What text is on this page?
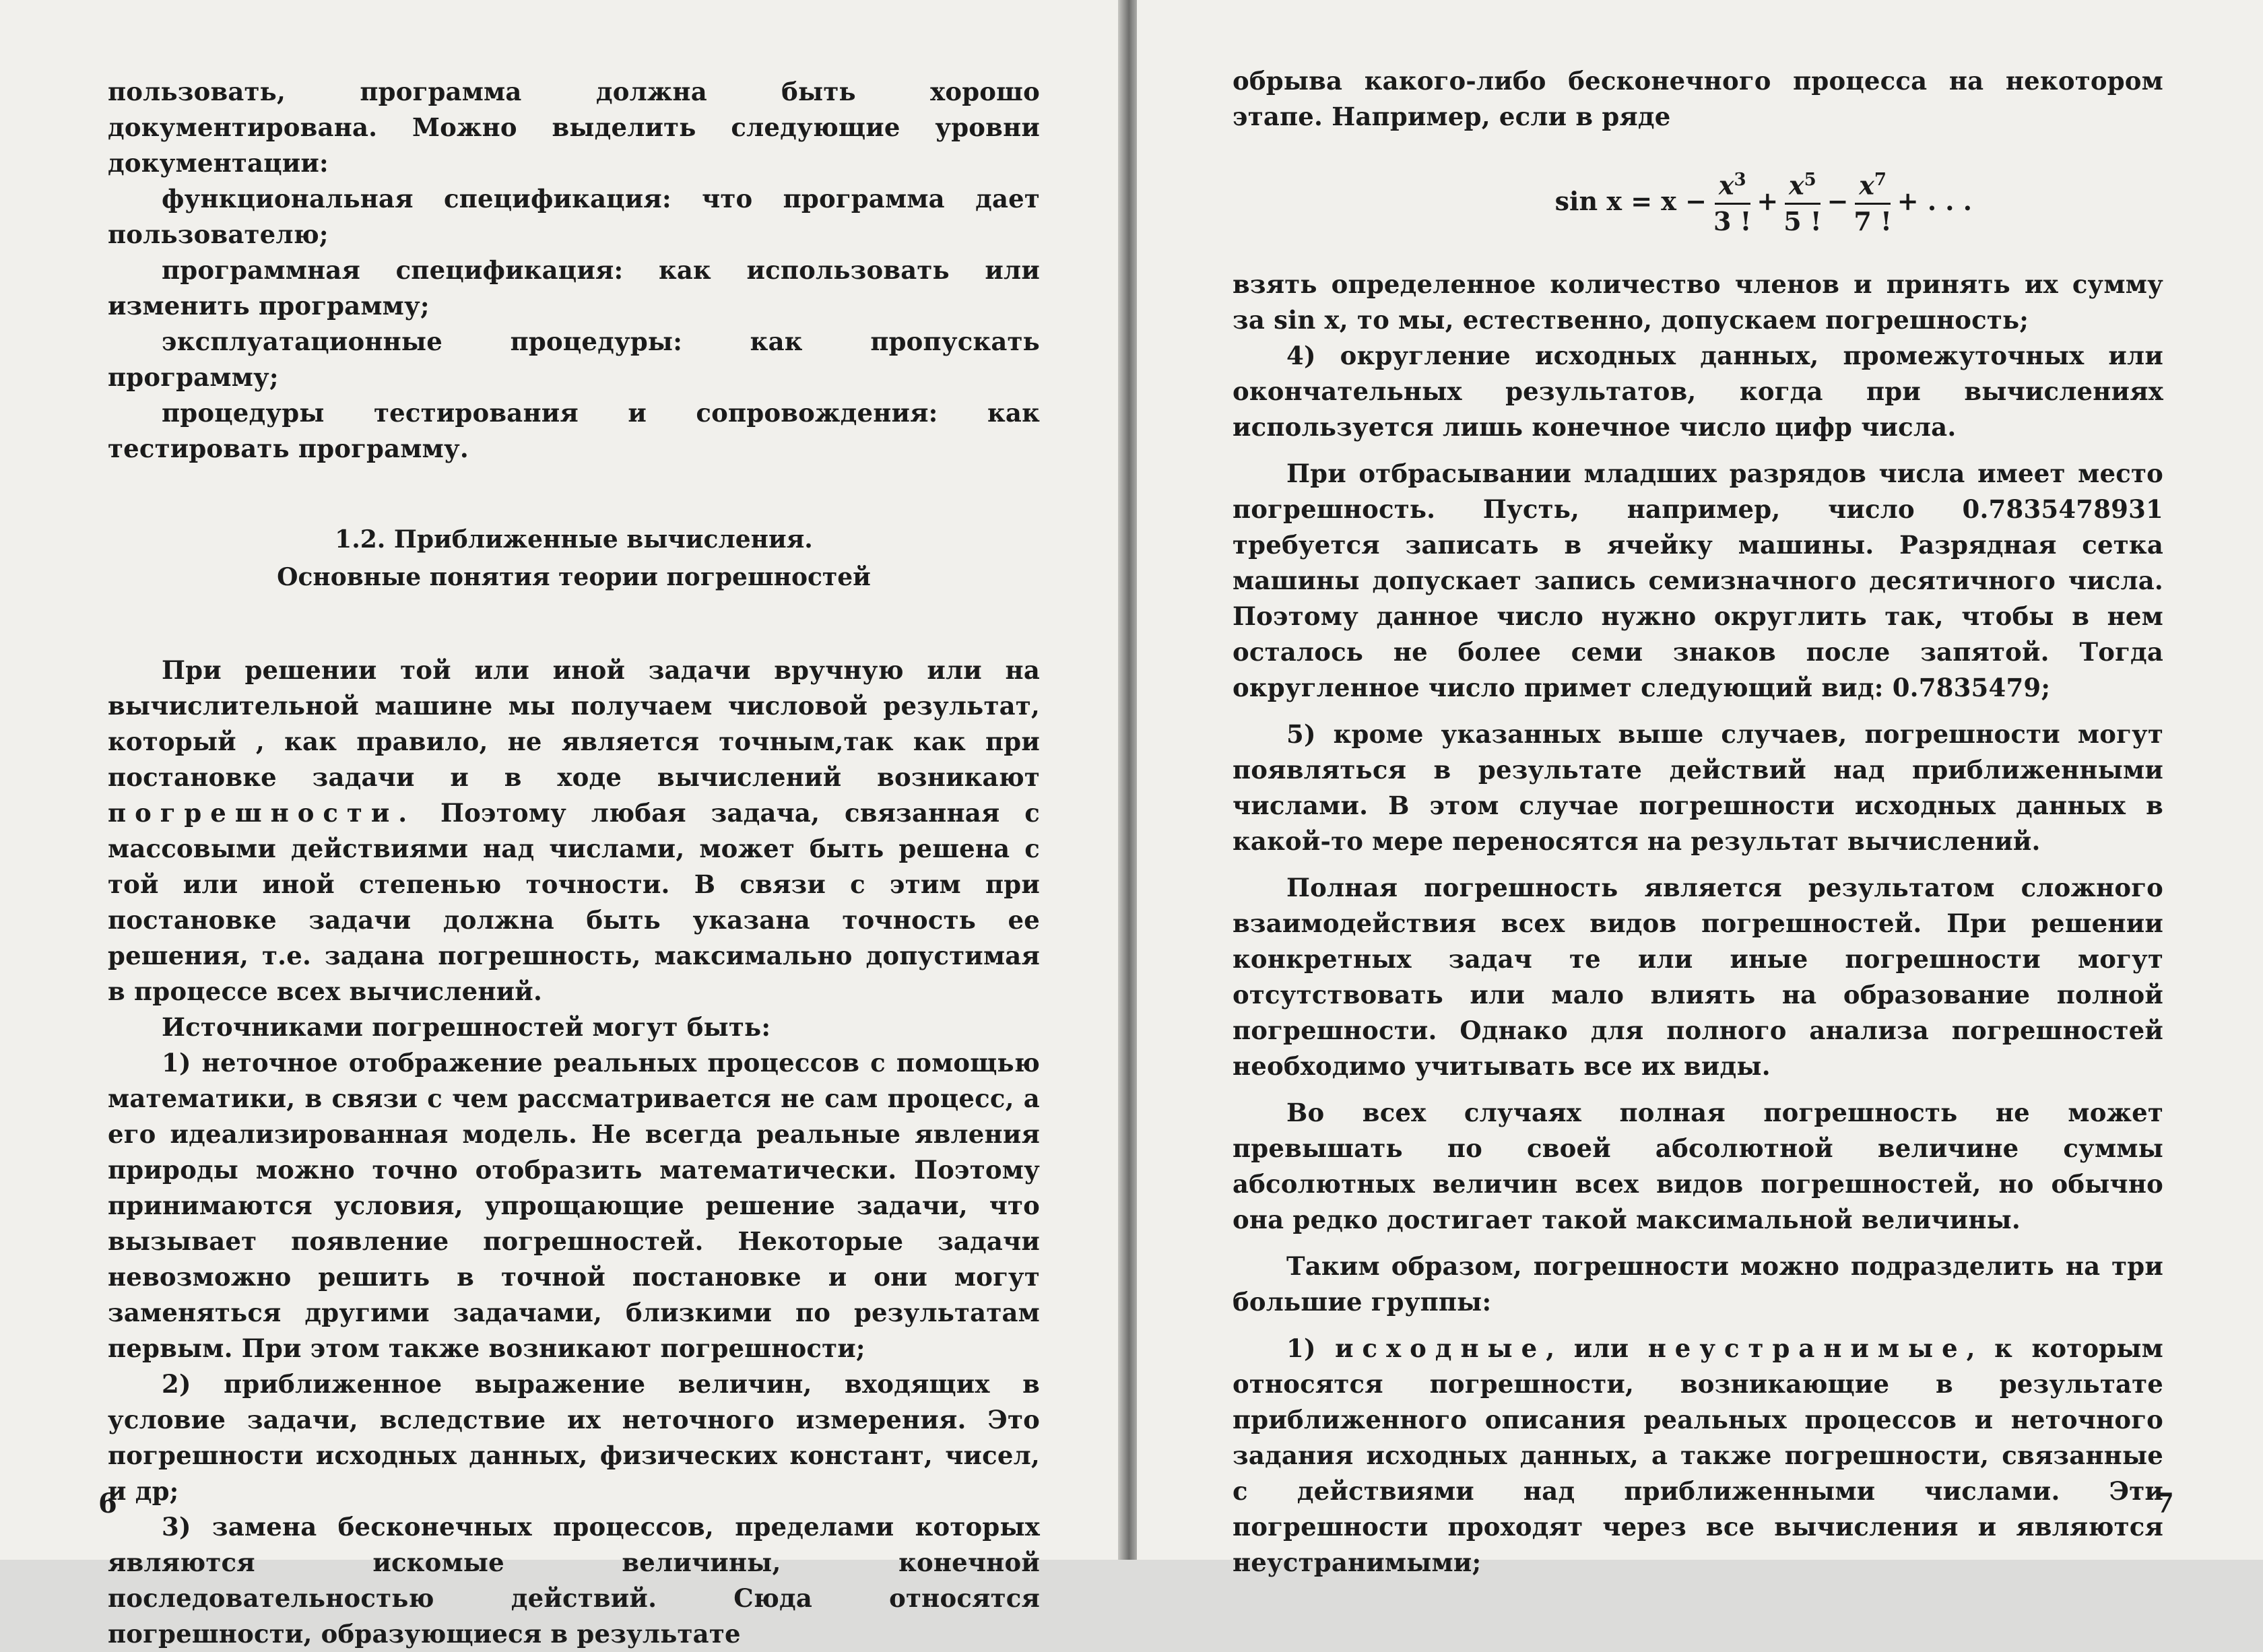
пользовать, программа должна быть хорошо документирована. Можно выделить следующие уровни документации:

функциональная спецификация: что программа дает пользователю;

программная спецификация: как использовать или изменить программу;

эксплуатационные процедуры: как пропускать программу;

процедуры тестирования и сопровождения: как тестировать программу.

1.2. Приближенные вычисления.
Основные понятия теории погрешностей

При решении той или иной задачи вручную или на вычислительной машине мы получаем числовой результат, который , как правило, не является точным,так как при постановке задачи и в ходе вычислений возникают погрешности. Поэтому любая задача, связанная с массовыми действиями над числами, может быть решена с той или иной степенью точности. В связи с этим при постановке задачи должна быть указана точность ее решения, т.е. задана погрешность, максимально допустимая в процессе всех вычислений.

Источниками погрешностей могут быть:

1) неточное отображение реальных процессов с помощью математики, в связи с чем рассматривается не сам процесс, а его идеализированная модель. Не всегда реальные явления природы можно точно отобразить математически. Поэтому принимаются условия, упрощающие решение задачи, что вызывает появление погрешностей. Некоторые задачи невозможно решить в точной постановке и они могут заменяться другими задачами, близкими по результатам первым. При этом также возникают погрешности;

2) приближенное выражение величин, входящих в условие задачи, вследствие их неточного измерения. Это погрешности исходных данных, физических констант, чисел, и др;

3) замена бесконечных процессов, пределами которых являются искомые величины, конечной последовательностью действий. Сюда относятся погрешности, образующиеся в результате

6

обрыва какого-либо бесконечного процесса на некотором этапе. Например, если в ряде

$\sin x = x - \frac{x^3}{3 !} + \frac{x^5}{5 !} - \frac{x^7}{7 !}$ + . . .

взять определенное количество членов и принять их сумму за sin x, то мы, естественно, допускаем погрешность;

4) округление исходных данных, промежуточных или окончательных результатов, когда при вычислениях используется лишь конечное число цифр числа.

При отбрасывании младших разрядов числа имеет место погрешность. Пусть, например, число 0.7835478931 требуется записать в ячейку машины. Разрядная сетка машины допускает запись семизначного десятичного числа. Поэтому данное число нужно округлить так, чтобы в нем осталось не более семи знаков после запятой. Тогда округленное число примет следующий вид: 0.7835479;

5) кроме указанных выше случаев, погрешности могут появляться в результате действий над приближенными числами. В этом случае погрешности исходных данных в какой-то мере переносятся на результат вычислений.

Полная погрешность является результатом сложного взаимодействия всех видов погрешностей. При решении конкретных задач те или иные погрешности могут отсутствовать или мало влиять на образование полной погрешности. Однако для полного анализа погрешностей необходимо учитывать все их виды.

Во всех случаях полная погрешность не может превышать по своей абсолютной величине суммы абсолютных величин всех видов погрешностей, но обычно она редко достигает такой максимальной величины.

Таким образом, погрешности можно подразделить на три большие группы:

1) исходные, или неустранимые, к которым относятся погрешности, возникающие в результате приближенного описания реальных процессов и неточного задания исходных данных, а также погрешности, связанные с действиями над приближенными числами. Эти погрешности проходят через все вычисления и являются неустранимыми;

7
